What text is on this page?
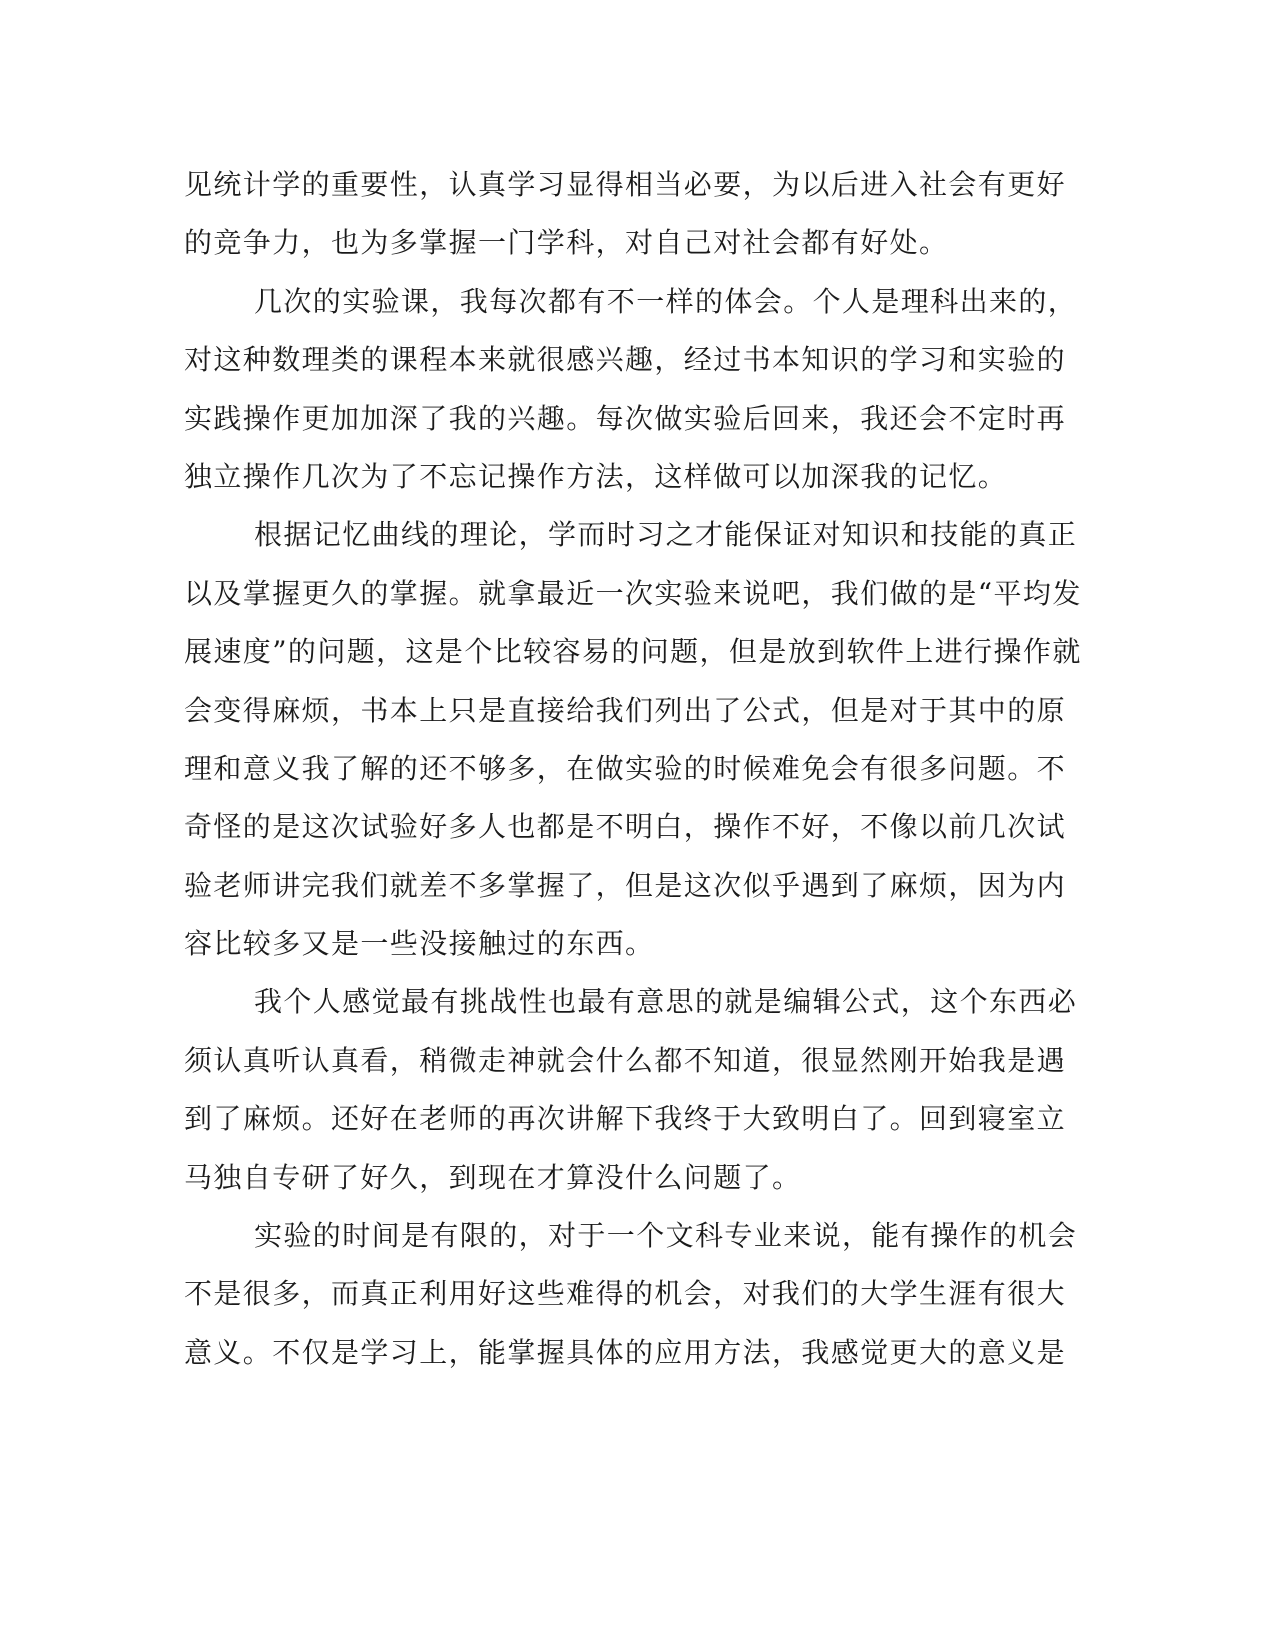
见统计学的重要性，认真学习显得相当必要，为以后进入社会有更好
的竞争力，也为多掌握一门学科，对自己对社会都有好处。
几次的实验课，我每次都有不一样的体会。个人是理科出来的，
对这种数理类的课程本来就很感兴趣，经过书本知识的学习和实验的
实践操作更加加深了我的兴趣。每次做实验后回来，我还会不定时再
独立操作几次为了不忘记操作方法，这样做可以加深我的记忆。
根据记忆曲线的理论，学而时习之才能保证对知识和技能的真正
以及掌握更久的掌握。就拿最近一次实验来说吧，我们做的是“平均发
展速度”的问题，这是个比较容易的问题，但是放到软件上进行操作就
会变得麻烦，书本上只是直接给我们列出了公式，但是对于其中的原
理和意义我了解的还不够多，在做实验的时候难免会有很多问题。不
奇怪的是这次试验好多人也都是不明白，操作不好，不像以前几次试
验老师讲完我们就差不多掌握了，但是这次似乎遇到了麻烦，因为内
容比较多又是一些没接触过的东西。
我个人感觉最有挑战性也最有意思的就是编辑公式，这个东西必
须认真听认真看，稍微走神就会什么都不知道，很显然刚开始我是遇
到了麻烦。还好在老师的再次讲解下我终于大致明白了。回到寝室立
马独自专研了好久，到现在才算没什么问题了。
实验的时间是有限的，对于一个文科专业来说，能有操作的机会
不是很多，而真正利用好这些难得的机会，对我们的大学生涯有很大
意义。不仅是学习上，能掌握具体的应用方法，我感觉更大的意义是
